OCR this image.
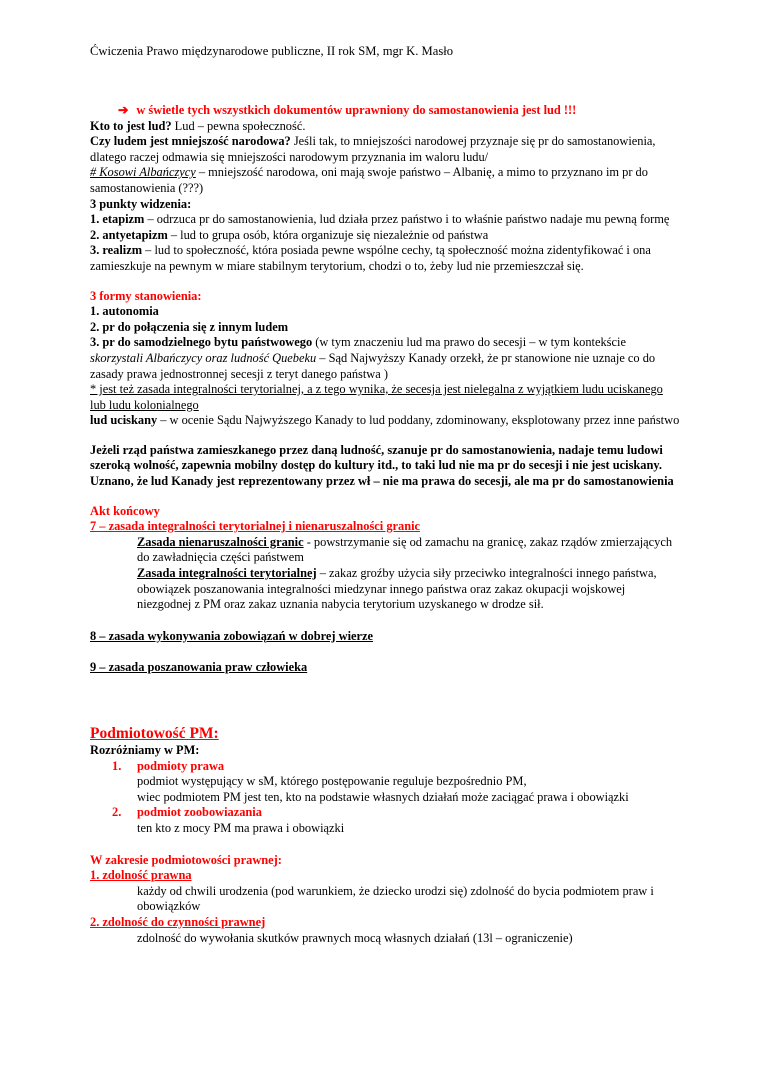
Ćwiczenia Prawo międzynarodowe publiczne, II rok SM, mgr K. Masło

➔ w świetle tych wszystkich dokumentów uprawniony do samostanowienia jest lud !!!

Kto to jest lud? Lud – pewna społeczność.

Czy ludem jest mniejszość narodowa? Jeśli tak, to mniejszości narodowej przyznaje się pr do samostanowienia, dlatego raczej odmawia się mniejszości narodowym przyznania im waloru ludu/

# Kosowi Albańczycy – mniejszość narodowa, oni mają swoje państwo – Albanię, a mimo to przyznano im pr do samostanowienia (???)

3 punkty widzenia:

1. etapizm – odrzuca pr do samostanowienia, lud działa przez państwo i to właśnie państwo nadaje mu pewną formę

2. antyetapizm – lud to grupa osób, która organizuje się niezależnie od państwa

3. realizm – lud to społeczność, która posiada pewne wspólne cechy, tą społeczność można zidentyfikować i ona zamieszkuje na pewnym w miare stabilnym terytorium, chodzi o to, żeby lud nie przemieszczał się.

3 formy stanowienia:

1. autonomia

2. pr do połączenia się z innym ludem

3. pr do samodzielnego bytu państwowego (w tym znaczeniu lud ma prawo do secesji – w tym kontekście skorzystali Albańczycy oraz ludność Quebeku – Sąd Najwyższy Kanady orzekł, że pr stanowione nie uznaje co do zasady prawa jednostronnej secesji z teryt danego państwa )

* jest też zasada integralności terytorialnej, a z tego wynika, że secesja jest nielegalna z wyjątkiem ludu uciskanego lub ludu kolonialnego

lud uciskany – w ocenie Sądu Najwyższego Kanady to lud poddany, zdominowany, eksplotowany przez inne państwo

Jeżeli rząd państwa zamieszkanego przez daną ludność, szanuje pr do samostanowienia, nadaje temu ludowi szeroką wolność, zapewnia mobilny dostęp do kultury itd., to taki lud nie ma pr do secesji i nie jest uciskany.

Uznano, że lud Kanady jest reprezentowany przez wł – nie ma prawa do secesji, ale ma pr do samostanowienia

Akt końcowy

7 – zasada integralności terytorialnej i nienaruszalności granic

Zasada nienaruszalności granic - powstrzymanie się od zamachu na granicę, zakaz rządów zmierzających do zawładnięcia części państwem

Zasada integralności terytorialnej – zakaz groźby użycia siły przeciwko integralności innego państwa, obowiązek poszanowania integralności miedzynar innego państwa oraz zakaz okupacji wojskowej niezgodnej z PM oraz zakaz uznania nabycia terytorium uzyskanego w drodze sił.

8 – zasada wykonywania zobowiązań w dobrej wierze

9 – zasada poszanowania praw człowieka

Podmiotowość PM:

Rozróżniamy w PM:

1. podmioty prawa

podmiot występujący w sM, którego postępowanie reguluje bezpośrednio PM,

wiec podmiotem PM jest ten, kto na podstawie własnych działań może zaciągać prawa i obowiązki

2. podmiot zoobowiazania

ten kto z mocy PM ma prawa i obowiązki

W zakresie podmiotowości prawnej:

1. zdolność prawna

każdy od chwili urodzenia (pod warunkiem, że dziecko urodzi się) zdolność do bycia podmiotem praw i obowiązków

2. zdolność do czynności prawnej

zdolność do wywołania skutków prawnych mocą własnych działań (13l – ograniczenie)
